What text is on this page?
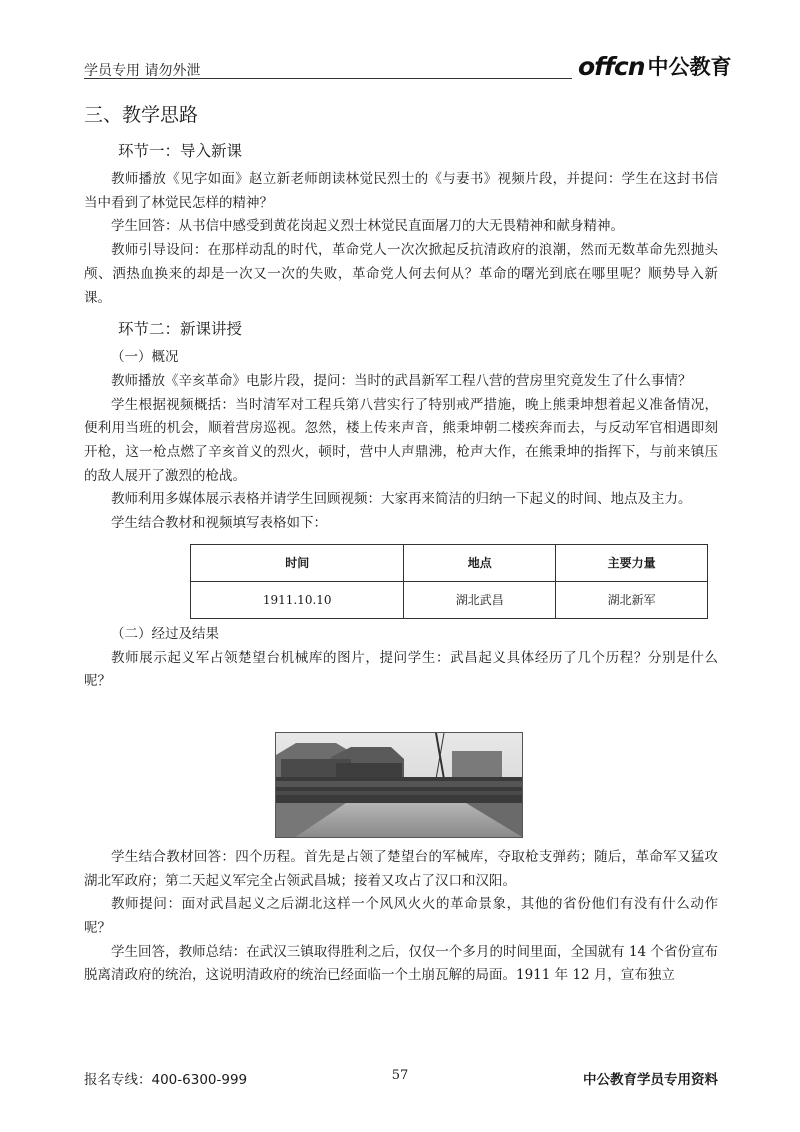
学员专用 请勿外泄	offcn 中公教育
三、教学思路
环节一：导入新课

教师播放《见字如面》赵立新老师朗读林觉民烈士的《与妻书》视频片段，并提问：学生在这封书信当中看到了林觉民怎样的精神？

学生回答：从书信中感受到黄花岗起义烈士林觉民直面屠刀的大无畏精神和献身精神。

教师引导设问：在那样动乱的时代，革命党人一次次掀起反抗清政府的浪潮，然而无数革命先烈抛头颅、洒热血换来的却是一次又一次的失败，革命党人何去何从？革命的曙光到底在哪里呢？顺势导入新课。

环节二：新课讲授

（一）概况

教师播放《辛亥革命》电影片段，提问：当时的武昌新军工程八营的营房里究竟发生了什么事情？

学生根据视频概括：当时清军对工程兵第八营实行了特别戒严措施，晚上熊秉坤想着起义准备情况，便利用当班的机会，顺着营房巡视。忽然，楼上传来声音，熊秉坤朝二楼疾奔而去，与反动军官相遇即刻开枪，这一枪点燃了辛亥首义的烈火，顿时，营中人声鼎沸，枪声大作，在熊秉坤的指挥下，与前来镇压的敌人展开了激烈的枪战。

教师利用多媒体展示表格并请学生回顾视频：大家再来简洁的归纳一下起义的时间、地点及主力。

学生结合教材和视频填写表格如下：

时间	地点	主要力量
1911.10.10	湖北武昌	湖北新军

（二）经过及结果

教师展示起义军占领楚望台机械库的图片，提问学生：武昌起义具体经历了几个历程？分别是什么呢？

学生结合教材回答：四个历程。首先是占领了楚望台的军械库，夺取枪支弹药；随后，革命军又猛攻湖北军政府；第二天起义军完全占领武昌城；接着又攻占了汉口和汉阳。

教师提问：面对武昌起义之后湖北这样一个风风火火的革命景象，其他的省份他们有没有什么动作呢？

学生回答，教师总结：在武汉三镇取得胜利之后，仅仅一个多月的时间里面，全国就有 14 个省份宣布脱离清政府的统治，这说明清政府的统治已经面临一个土崩瓦解的局面。1911 年 12 月，宣布独立

报名专线：400-6300-999	57	中公教育学员专用资料
